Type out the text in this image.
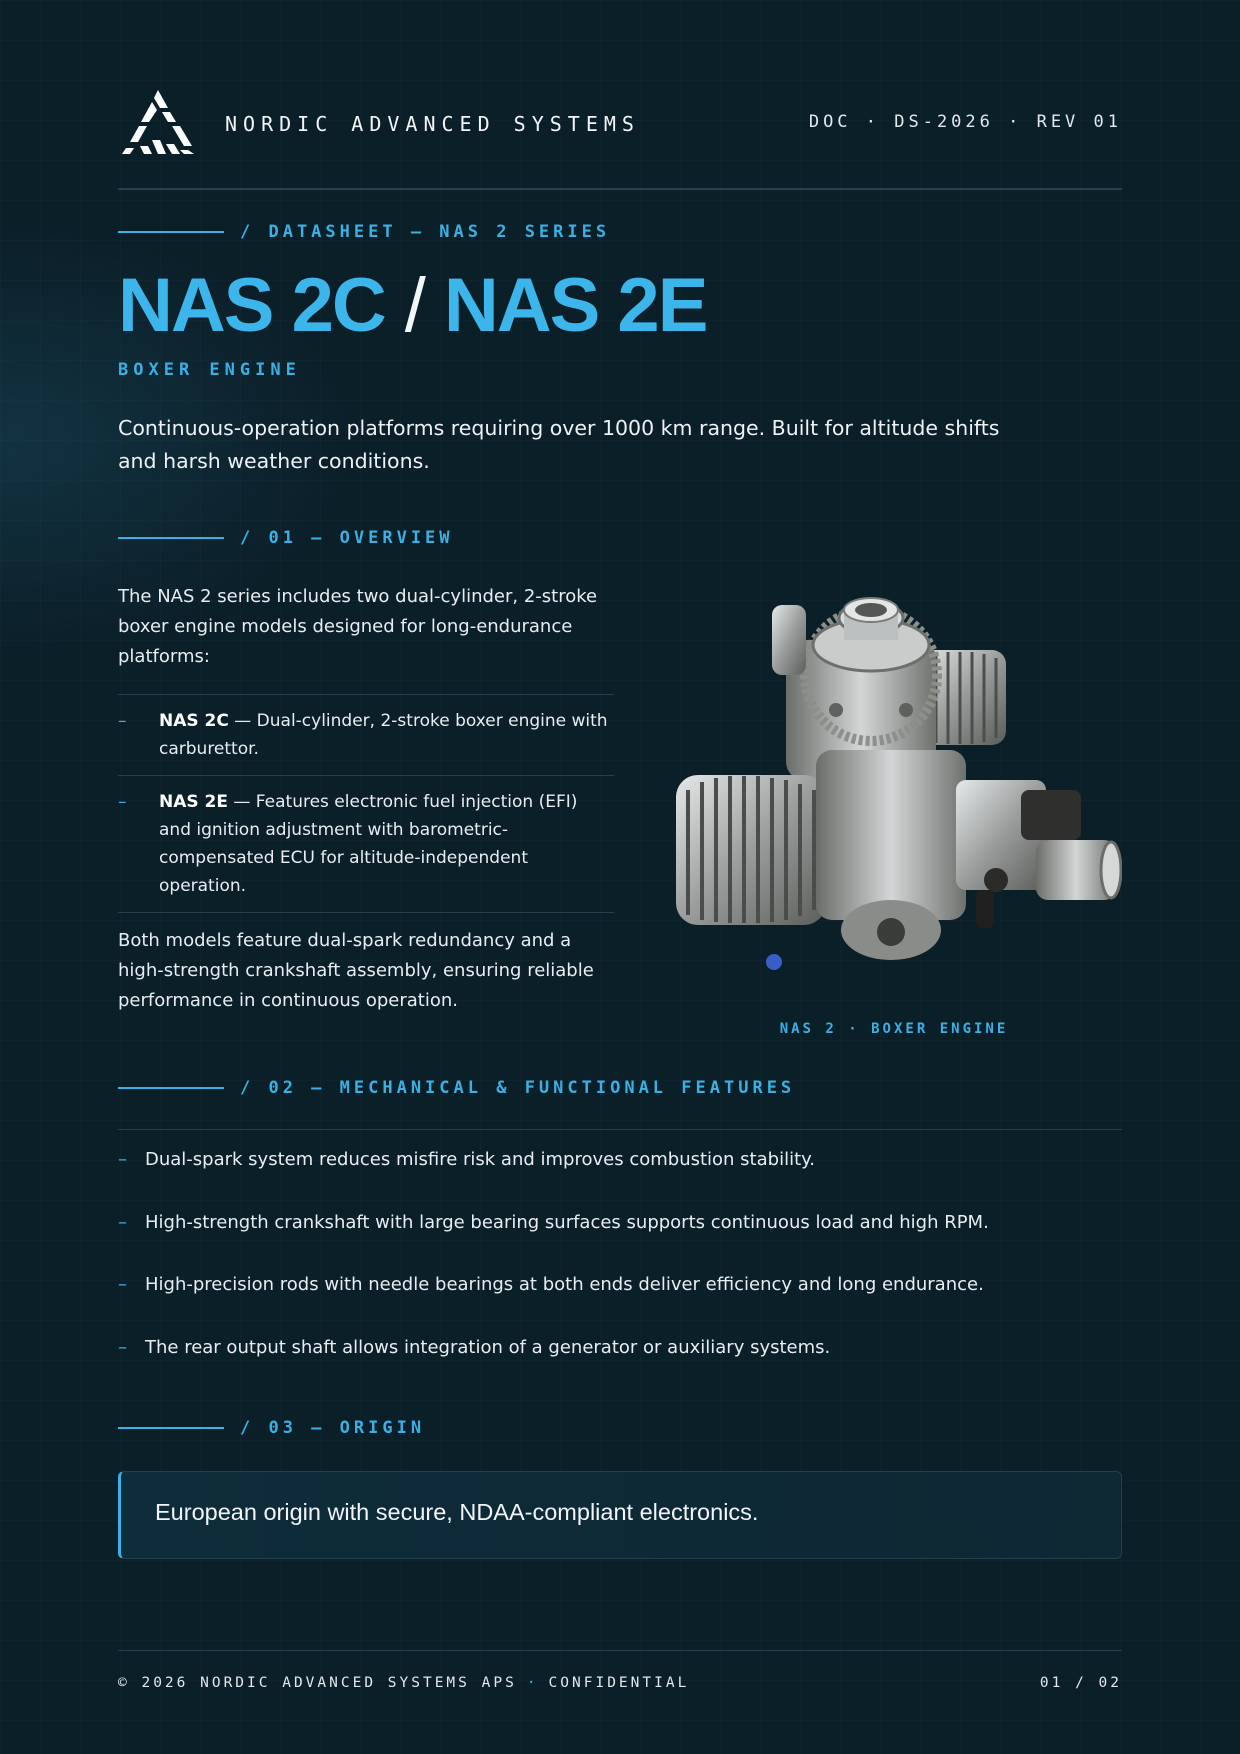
NORDIC ADVANCED SYSTEMS	DOC · DS-2026 · REV 01
/ DATASHEET — NAS 2 SERIES
NAS 2C / NAS 2E
BOXER ENGINE

Continuous-operation platforms requiring over 1000 km range. Built for altitude shifts and harsh weather conditions.

/ 01 — OVERVIEW

The NAS 2 series includes two dual-cylinder, 2-stroke boxer engine models designed for long-endurance platforms:

– NAS 2C — Dual-cylinder, 2-stroke boxer engine with carburettor.
– NAS 2E — Features electronic fuel injection (EFI) and ignition adjustment with barometric-compensated ECU for altitude-independent operation.

Both models feature dual-spark redundancy and a high-strength crankshaft assembly, ensuring reliable performance in continuous operation.

NAS 2 · BOXER ENGINE
/ 02 — MECHANICAL & FUNCTIONAL FEATURES
– Dual-spark system reduces misfire risk and improves combustion stability.
– High-strength crankshaft with large bearing surfaces supports continuous load and high RPM.
– High-precision rods with needle bearings at both ends deliver efficiency and long endurance.
– The rear output shaft allows integration of a generator or auxiliary systems.
/ 03 — ORIGIN
European origin with secure, NDAA-compliant electronics.
© 2026 NORDIC ADVANCED SYSTEMS APS · CONFIDENTIAL	01 / 02
